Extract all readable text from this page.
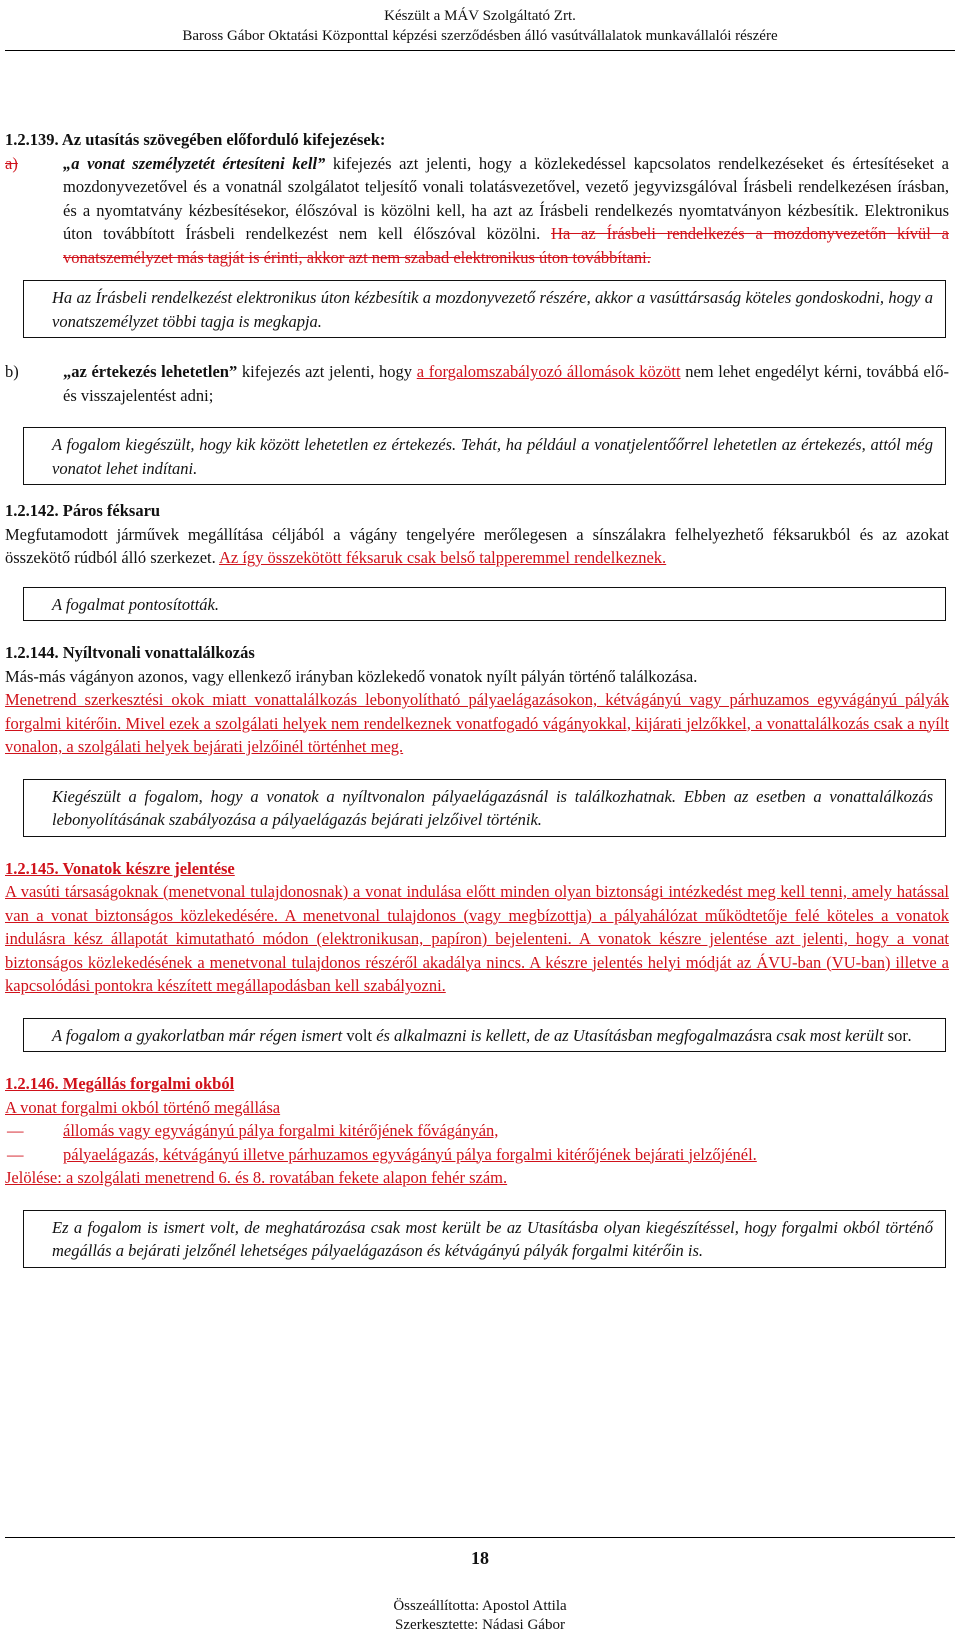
Készült a MÁV Szolgáltató Zrt.
Baross Gábor Oktatási Központtal képzési szerződésben álló vasútvállalatok munkavállalói részére

1.2.139. Az utasítás szövegében előforduló kifejezések:

a)	„a vonat személyzetét értesíteni kell” kifejezés azt jelenti, hogy a közlekedéssel kapcsolatos rendelkezéseket és értesítéseket a mozdonyvezetővel és a vonatnál szolgálatot teljesítő vonali tolatásvezetővel, vezető jegyvizsgálóval Írásbeli rendelkezésen írásban, és a nyomtatvány kézbesítésekor, élőszóval is közölni kell, ha azt az Írásbeli rendelkezés nyomtatványon kézbesítik. Elektronikus úton továbbított Írásbeli rendelkezést nem kell élőszóval közölni. Ha az Írásbeli rendelkezés a mozdonyvezetőn kívül a vonatszemélyzet más tagját is érinti, akkor azt nem szabad elektronikus úton továbbítani.

Ha az Írásbeli rendelkezést elektronikus úton kézbesítik a mozdonyvezető részére, akkor a vasúttársaság köteles gondoskodni, hogy a vonatszemélyzet többi tagja is megkapja.

b)	„az értekezés lehetetlen” kifejezés azt jelenti, hogy a forgalomszabályozó állomások között nem lehet engedélyt kérni, továbbá elő- és visszajelentést adni;

A fogalom kiegészült, hogy kik között lehetetlen ez értekezés. Tehát, ha például a vonatjelentőőrrel lehetetlen az értekezés, attól még vonatot lehet indítani.

1.2.142. Páros féksaru

Megfutamodott járművek megállítása céljából a vágány tengelyére merőlegesen a sínszálakra felhelyezhető féksarukból és az azokat összekötő rúdból álló szerkezet. Az így összekötött féksaruk csak belső talpperemmel rendelkeznek.

A fogalmat pontosították.

1.2.144. Nyíltvonali vonattalálkozás

Más-más vágányon azonos, vagy ellenkező irányban közlekedő vonatok nyílt pályán történő találkozása.

Menetrend szerkesztési okok miatt vonattalálkozás lebonyolítható pályaelágazásokon, kétvágányú vagy párhuzamos egyvágányú pályák forgalmi kitérőin. Mivel ezek a szolgálati helyek nem rendelkeznek vonatfogadó vágányokkal, kijárati jelzőkkel, a vonattalálkozás csak a nyílt vonalon, a szolgálati helyek bejárati jelzőinél történhet meg.

Kiegészült a fogalom, hogy a vonatok a nyíltvonalon pályaelágazásnál is találkozhatnak. Ebben az esetben a vonattalálkozás lebonyolításának szabályozása a pályaelágazás bejárati jelzőivel történik.

1.2.145. Vonatok készre jelentése

A vasúti társaságoknak (menetvonal tulajdonosnak) a vonat indulása előtt minden olyan biztonsági intézkedést meg kell tenni, amely hatással van a vonat biztonságos közlekedésére. A menetvonal tulajdonos (vagy megbízottja) a pályahálózat működtetője felé köteles a vonatok indulásra kész állapotát kimutatható módon (elektronikusan, papíron) bejelenteni. A vonatok készre jelentése azt jelenti, hogy a vonat biztonságos közlekedésének a menetvonal tulajdonos részéről akadálya nincs. A készre jelentés helyi módját az ÁVU-ban (VU-ban) illetve a kapcsolódási pontokra készített megállapodásban kell szabályozni.

A fogalom a gyakorlatban már régen ismert volt és alkalmazni is kellett, de az Utasításban megfogalmazásra csak most került sor.

1.2.146. Megállás forgalmi okból

A vonat forgalmi okból történő megállása

— állomás vagy egyvágányú pálya forgalmi kitérőjének fővágányán,

— pályaelágazás, kétvágányú illetve párhuzamos egyvágányú pálya forgalmi kitérőjének bejárati jelzőjénél.

Jelölése: a szolgálati menetrend 6. és 8. rovatában fekete alapon fehér szám.

Ez a fogalom is ismert volt, de meghatározása csak most került be az Utasításba olyan kiegészítéssel, hogy forgalmi okból történő megállás a bejárati jelzőnél lehetséges pályaelágazáson és kétvágányú pályák forgalmi kitérőin is.
18
Összeállította: Apostol Attila
Szerkesztette: Nádasi Gábor
